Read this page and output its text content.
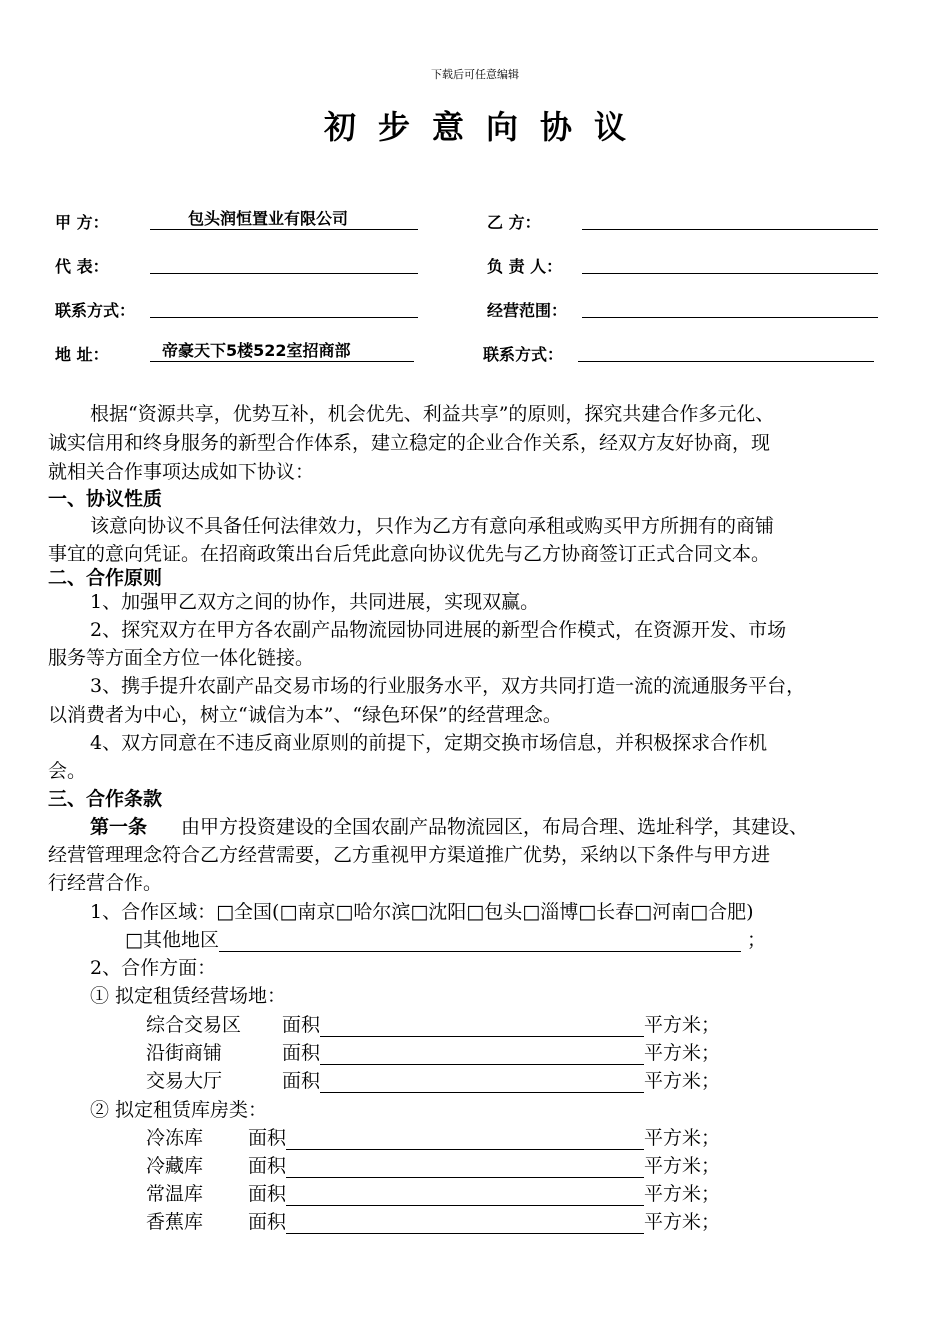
下载后可任意编辑
初步意向协议
甲 方：	包头润恒置业有限公司	乙 方：
代 表：	负 责 人：
联系方式：	经营范围：
地 址：	帝豪天下5楼522室招商部	联系方式：
根据“资源共享，优势互补，机会优先、利益共享”的原则，探究共建合作多元化、
诚实信用和终身服务的新型合作体系，建立稳定的企业合作关系，经双方友好协商，现
就相关合作事项达成如下协议：
一、协议性质
该意向协议不具备任何法律效力，只作为乙方有意向承租或购买甲方所拥有的商铺
事宜的意向凭证。在招商政策出台后凭此意向协议优先与乙方协商签订正式合同文本。
二、合作原则
1、加强甲乙双方之间的协作，共同进展，实现双赢。
2、探究双方在甲方各农副产品物流园协同进展的新型合作模式，在资源开发、市场
服务等方面全方位一体化链接。
3、携手提升农副产品交易市场的行业服务水平，双方共同打造一流的流通服务平台，
以消费者为中心，树立“诚信为本”、“绿色环保”的经营理念。
4、双方同意在不违反商业原则的前提下，定期交换市场信息，并积极探求合作机
会。
三、合作条款
第一条 由甲方投资建设的全国农副产品物流园区，布局合理、选址科学，其建设、
经营管理理念符合乙方经营需要，乙方重视甲方渠道推广优势，采纳以下条件与甲方进
行经营合作。
1、合作区域：□全国(□南京□哈尔滨□沈阳□包头□淄博□长春□河南□合肥)
□其他地区	；
2、合作方面：
① 拟定租赁经营场地：
综合交易区 面积	平方米；
沿街商铺	面积	平方米；
交易大厅	面积	平方米；
② 拟定租赁库房类：
冷冻库 面积	平方米；
冷藏库 面积	平方米；
常温库 面积	平方米；
香蕉库 面积	平方米；
